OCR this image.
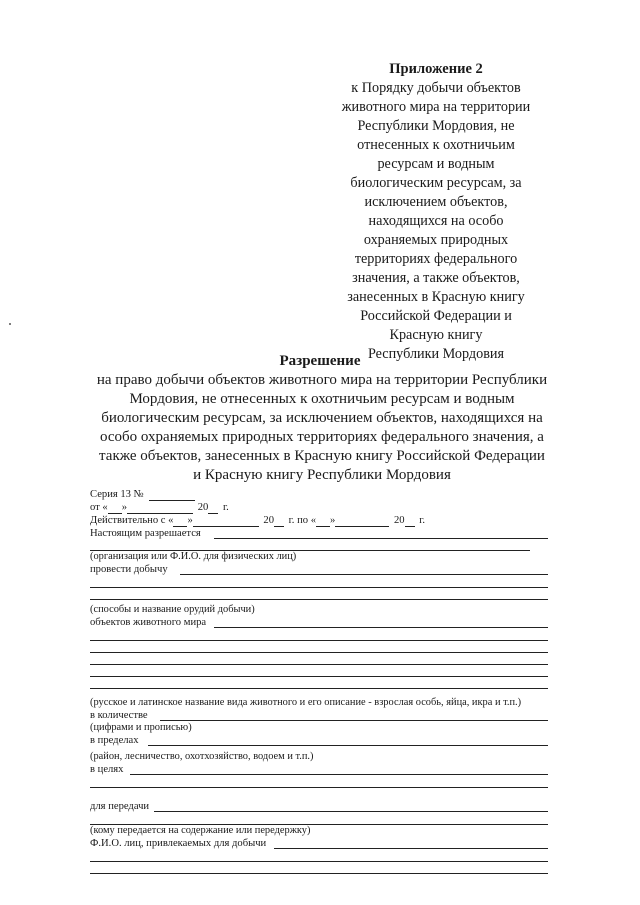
Приложение 2
к Порядку добычи объектов
животного мира на территории
Республики Мордовия, не
отнесенных к охотничьим
ресурсам и водным
биологическим ресурсам, за
исключением объектов,
находящихся на особо
охраняемых природных
территориях федерального
значения, а также объектов,
занесенных в Красную книгу
Российской Федерации и
Красную книгу
Республики Мордовия
Разрешение
на право добычи объектов животного мира на территории Республики
Мордовия, не отнесенных к охотничьим ресурсам и водным
биологическим ресурсам, за исключением объектов, находящихся на
особо охраняемых природных территориях федерального значения, а
также объектов, занесенных в Красную книгу Российской Федерации
и Красную книгу Республики Мордовия
Серия 13 №
от « »	20 г.
Действительно с « »	20 г. по « »	20 г.
Настоящим разрешается
(организация или Ф.И.О. для физических лиц)
провести добычу
(способы и название орудий добычи)
объектов животного мира
(русское и латинское название вида животного и его описание - взрослая особь, яйца, икра и т.п.)
в количестве
(цифрами и прописью)
в пределах
(район, лесничество, охотхозяйство, водоем и т.п.)
в целях
для передачи
(кому передается на содержание или передержку)
Ф.И.О. лиц, привлекаемых для добычи
